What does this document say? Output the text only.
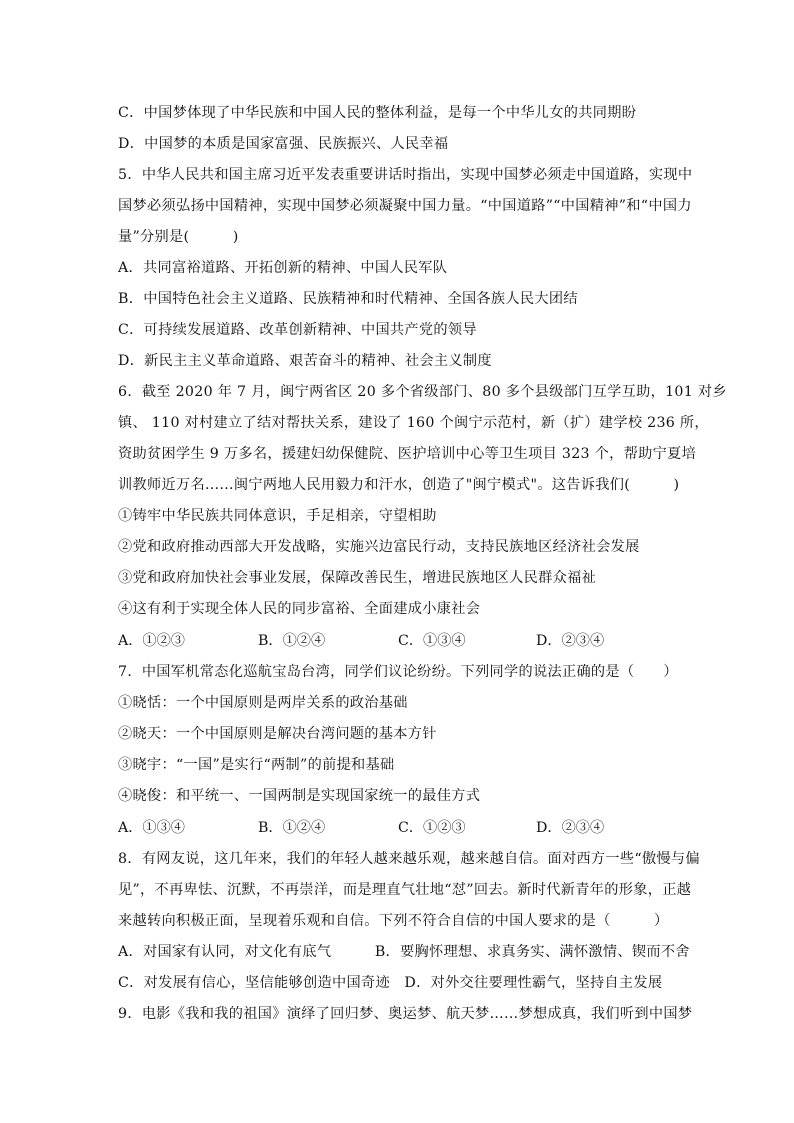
C．中国梦体现了中华民族和中国人民的整体利益，是每一个中华儿女的共同期盼
D．中国梦的本质是国家富强、民族振兴、人民幸福
5．中华人民共和国主席习近平发表重要讲话时指出，实现中国梦必须走中国道路，实现中
国梦必须弘扬中国精神，实现中国梦必须凝聚中国力量。“中国道路”“中国精神”和“中国力
量”分别是(　　　)
A．共同富裕道路、开拓创新的精神、中国人民军队
B．中国特色社会主义道路、民族精神和时代精神、全国各族人民大团结
C．可持续发展道路、改革创新精神、中国共产党的领导
D．新民主主义革命道路、艰苦奋斗的精神、社会主义制度
6．截至 2020 年 7 月，闽宁两省区 20 多个省级部门、80 多个县级部门互学互助，101 对乡
镇、 110 对村建立了结对帮扶关系，建设了 160 个闽宁示范村，新（扩）建学校 236 所，
资助贫困学生 9 万多名，援建妇幼保健院、医护培训中心等卫生项目 323 个，帮助宁夏培
训教师近万名……闽宁两地人民用毅力和汗水，创造了"闽宁模式"。这告诉我们(　　　)
①铸牢中华民族共同体意识，手足相亲，守望相助
②党和政府推动西部大开发战略，实施兴边富民行动，支持民族地区经济社会发展
③党和政府加快社会事业发展，保障改善民生，增进民族地区人民群众福祉
④这有利于实现全体人民的同步富裕、全面建成小康社会
A．①②③	B．①②④	C．①③④	D．②③④
7．中国军机常态化巡航宝岛台湾，同学们议论纷纷。下列同学的说法正确的是（　　）
①晓恬：一个中国原则是两岸关系的政治基础
②晓天：一个中国原则是解决台湾问题的基本方针
③晓宇：“一国”是实行“两制”的前提和基础
④晓俊：和平统一、一国两制是实现国家统一的最佳方式
A．①③④	B．①②④	C．①②③	D．②③④
8．有网友说，这几年来，我们的年轻人越来越乐观，越来越自信。面对西方一些“傲慢与偏
见”，不再卑怯、沉默，不再崇洋，而是理直气壮地“怼”回去。新时代新青年的形象，正越
来越转向积极正面，呈现着乐观和自信。下列不符合自信的中国人要求的是（　　　）
A．对国家有认同，对文化有底气　　　B．要胸怀理想、求真务实、满怀激情、锲而不舍
C．对发展有信心，坚信能够创造中国奇迹　D．对外交往要理性霸气，坚持自主发展
9．电影《我和我的祖国》演绎了回归梦、奥运梦、航天梦……梦想成真，我们听到中国梦
